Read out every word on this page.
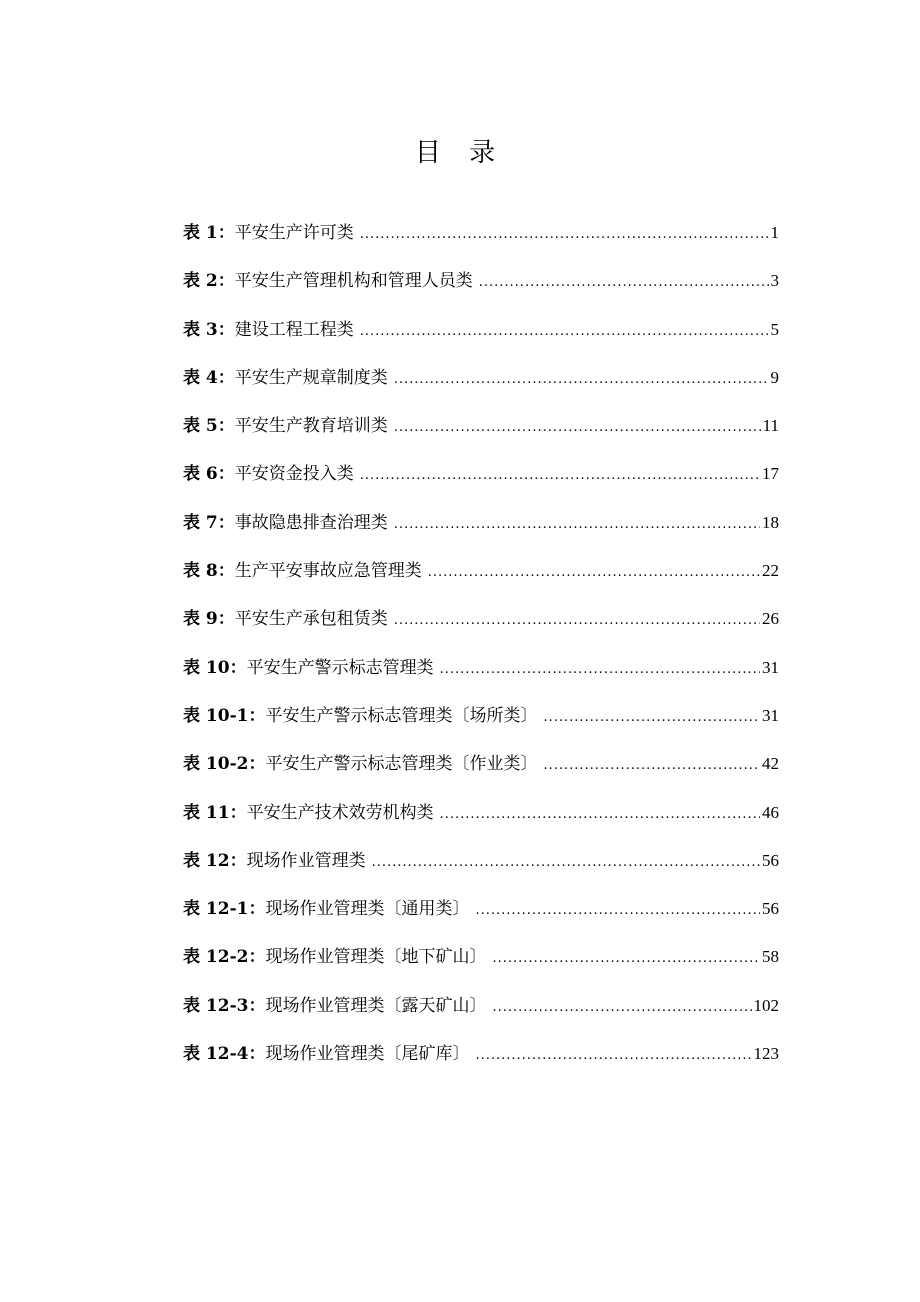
目 录
表 1： 平安生产许可类 .....	1
表 2： 平安生产管理机构和管理人员类 .....	3
表 3： 建设工程工程类 .....	5
表 4： 平安生产规章制度类 .....	9
表 5： 平安生产教育培训类 .....	11
表 6： 平安资金投入类 .....	17
表 7： 事故隐患排查治理类 .....	18
表 8： 生产平安事故应急管理类 .....	22
表 9： 平安生产承包租赁类 .....	26
表 10： 平安生产警示标志管理类 .....	31
表 10-1： 平安生产警示标志管理类〔场所类〕 .....	31
表 10-2： 平安生产警示标志管理类〔作业类〕 .....	42
表 11： 平安生产技术效劳机构类 .....	46
表 12： 现场作业管理类 .....	56
表 12-1： 现场作业管理类〔通用类〕 .....	56
表 12-2： 现场作业管理类〔地下矿山〕 .....	58
表 12-3： 现场作业管理类〔露天矿山〕 .....	102
表 12-4： 现场作业管理类〔尾矿库〕 .....	123
